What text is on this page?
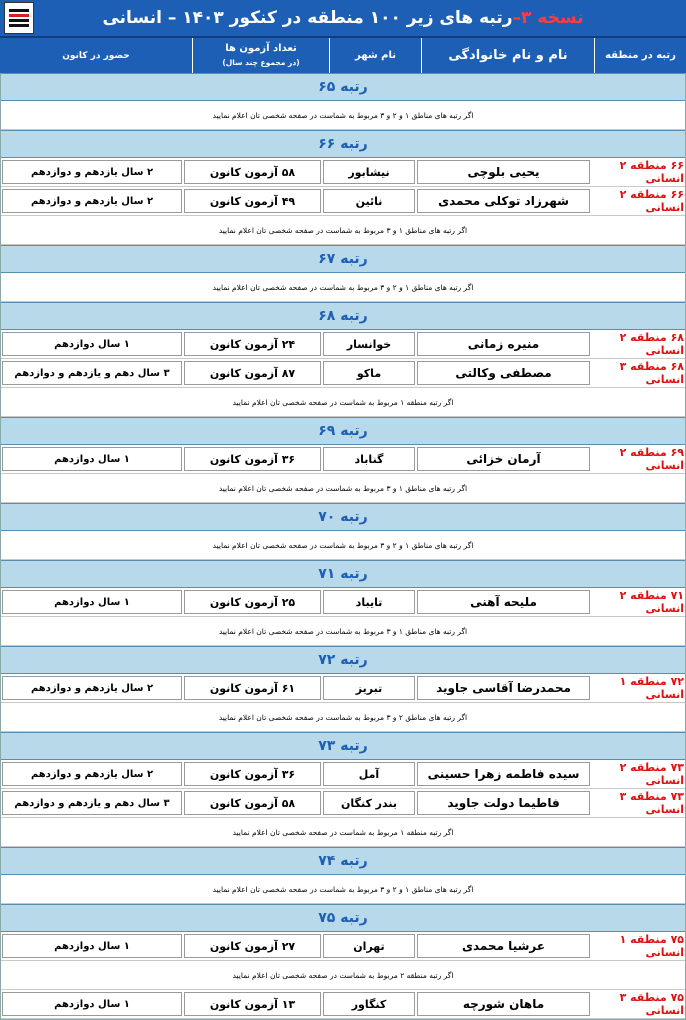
نسخه ۳
–
رتبه های زیر ۱۰۰ منطقه در کنکور ۱۴۰۳ – انسانی
رتبه در منطقه
نام و نام خانوادگی
نام شهر
تعداد آزمون ها
(در مجموع چند سال)
حضور در کانون
رتبه ۶۵
اگر رتبه های مناطق ۱ و ۲ و ۳ مربوط به شماست در صفحه شخصی تان اعلام نمایید
رتبه ۶۶
۶۶ منطقه ۲ انسانی
یحیی بلوچی
نیشابور
۵۸ آزمون کانون
۲ سال یازدهم و دوازدهم
۶۶ منطقه ۲ انسانی
شهرزاد توکلی محمدی
نائین
۴۹ آزمون کانون
۲ سال یازدهم و دوازدهم
اگر رتبه های مناطق ۱ و ۳ مربوط به شماست در صفحه شخصی تان اعلام نمایید
رتبه ۶۷
اگر رتبه های مناطق ۱ و ۲ و ۳ مربوط به شماست در صفحه شخصی تان اعلام نمایید
رتبه ۶۸
۶۸ منطقه ۲ انسانی
منیره زمانی
خوانسار
۲۴ آزمون کانون
۱ سال دوازدهم
۶۸ منطقه ۳ انسانی
مصطفی وکالتی
ماکو
۸۷ آزمون کانون
۳ سال دهم و یازدهم و دوازدهم
اگر رتبه منطقه ۱ مربوط به شماست در صفحه شخصی تان اعلام نمایید
رتبه ۶۹
۶۹ منطقه ۲ انسانی
آرمان خزائی
گناباد
۳۶ آزمون کانون
۱ سال دوازدهم
اگر رتبه های مناطق ۱ و ۳ مربوط به شماست در صفحه شخصی تان اعلام نمایید
رتبه ۷۰
اگر رتبه های مناطق ۱ و ۲ و ۳ مربوط به شماست در صفحه شخصی تان اعلام نمایید
رتبه ۷۱
۷۱ منطقه ۲ انسانی
ملیحه آهنی
تایباد
۲۵ آزمون کانون
۱ سال دوازدهم
اگر رتبه های مناطق ۱ و ۳ مربوط به شماست در صفحه شخصی تان اعلام نمایید
رتبه ۷۲
۷۲ منطقه ۱ انسانی
محمدرضا آقاسی جاوید
تبریز
۶۱ آزمون کانون
۲ سال یازدهم و دوازدهم
اگر رتبه های مناطق ۲ و ۳ مربوط به شماست در صفحه شخصی تان اعلام نمایید
رتبه ۷۳
۷۳ منطقه ۲ انسانی
سیده فاطمه زهرا حسینی
آمل
۳۶ آزمون کانون
۲ سال یازدهم و دوازدهم
۷۳ منطقه ۳ انسانی
فاطیما دولت جاوید
بندر کنگان
۵۸ آزمون کانون
۳ سال دهم و یازدهم و دوازدهم
اگر رتبه منطقه ۱ مربوط به شماست در صفحه شخصی تان اعلام نمایید
رتبه ۷۴
اگر رتبه های مناطق ۱ و ۲ و ۳ مربوط به شماست در صفحه شخصی تان اعلام نمایید
رتبه ۷۵
۷۵ منطقه ۱ انسانی
عرشیا محمدی
تهران
۲۷ آزمون کانون
۱ سال دوازدهم
اگر رتبه منطقه ۲ مربوط به شماست در صفحه شخصی تان اعلام نمایید
۷۵ منطقه ۳ انسانی
ماهان شورچه
کنگاور
۱۳ آزمون کانون
۱ سال دوازدهم
